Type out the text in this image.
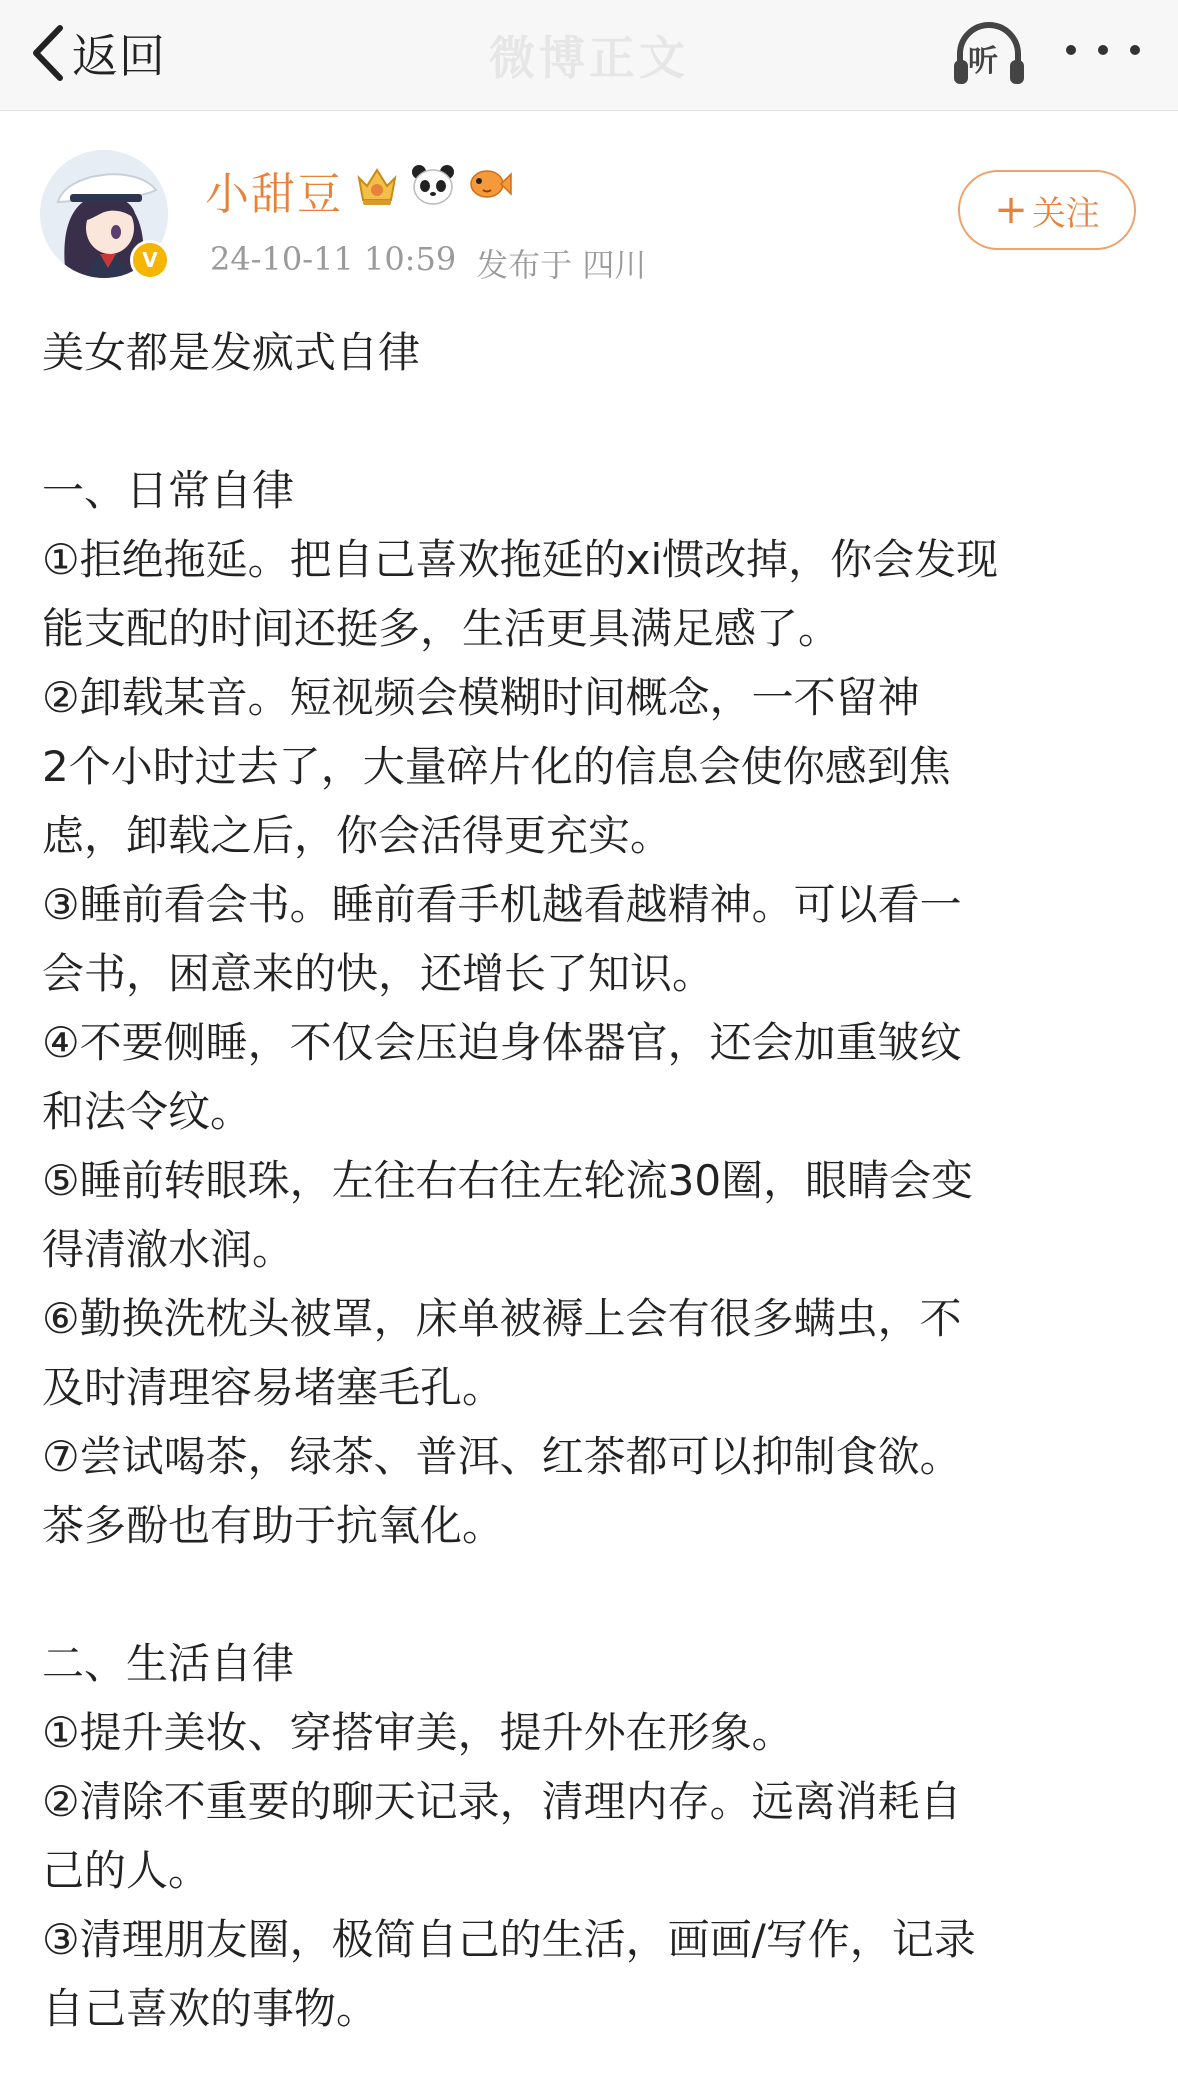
返回	微博正文	听
V
小甜豆
24-10-11 10:59 发布于 四川
+ 关注
美女都是发疯式自律
一、日常自律
①拒绝拖延。把自己喜欢拖延的xi惯改掉，你会发现
能支配的时间还挺多，生活更具满足感了。
②卸载某音。短视频会模糊时间概念，一不留神
2个小时过去了，大量碎片化的信息会使你感到焦
虑，卸载之后，你会活得更充实。
③睡前看会书。睡前看手机越看越精神。可以看一
会书，困意来的快，还增长了知识。
④不要侧睡，不仅会压迫身体器官，还会加重皱纹
和法令纹。
⑤睡前转眼珠，左往右右往左轮流30圈，眼睛会变
得清澈水润。
⑥勤换洗枕头被罩，床单被褥上会有很多螨虫，不
及时清理容易堵塞毛孔。
⑦尝试喝茶，绿茶、普洱、红茶都可以抑制食欲。
茶多酚也有助于抗氧化。
二、生活自律
①提升美妆、穿搭审美，提升外在形象。
②清除不重要的聊天记录，清理内存。远离消耗自
己的人。
③清理朋友圈，极简自己的生活，画画/写作，记录
自己喜欢的事物。
